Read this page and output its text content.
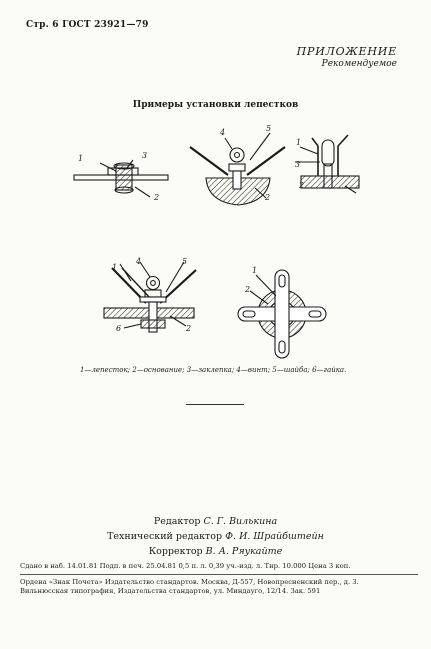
Стр. 6 ГОСТ 23921—79
ПРИЛОЖЕНИЕ
Рекомендуемое
Примеры установки лепестков
1	3
2
4	5
2
1
3
2
1
4	5
6	2
1
2
1—лепесток; 2—основание; 3—заклепка; 4—винт; 5—шайба; 6—гайка.
Редактор С. Г. Вилькина
Технический редактор Ф. И. Шрайбштейн
Корректор В. А. Ряукайте
Сдано в наб. 14.01.81 Подп. в печ. 25.04.81 0,5 п. л. 0,39 уч.-изд. л. Тир. 10.000 Цена 3 коп.
Ордена «Знак Почета» Издательство стандартов. Москва, Д-557, Новопресненский пер., д. 3.
Вильнюсская типография, Издательства стандартов, ул. Миндауго, 12/14. Зак. 591
